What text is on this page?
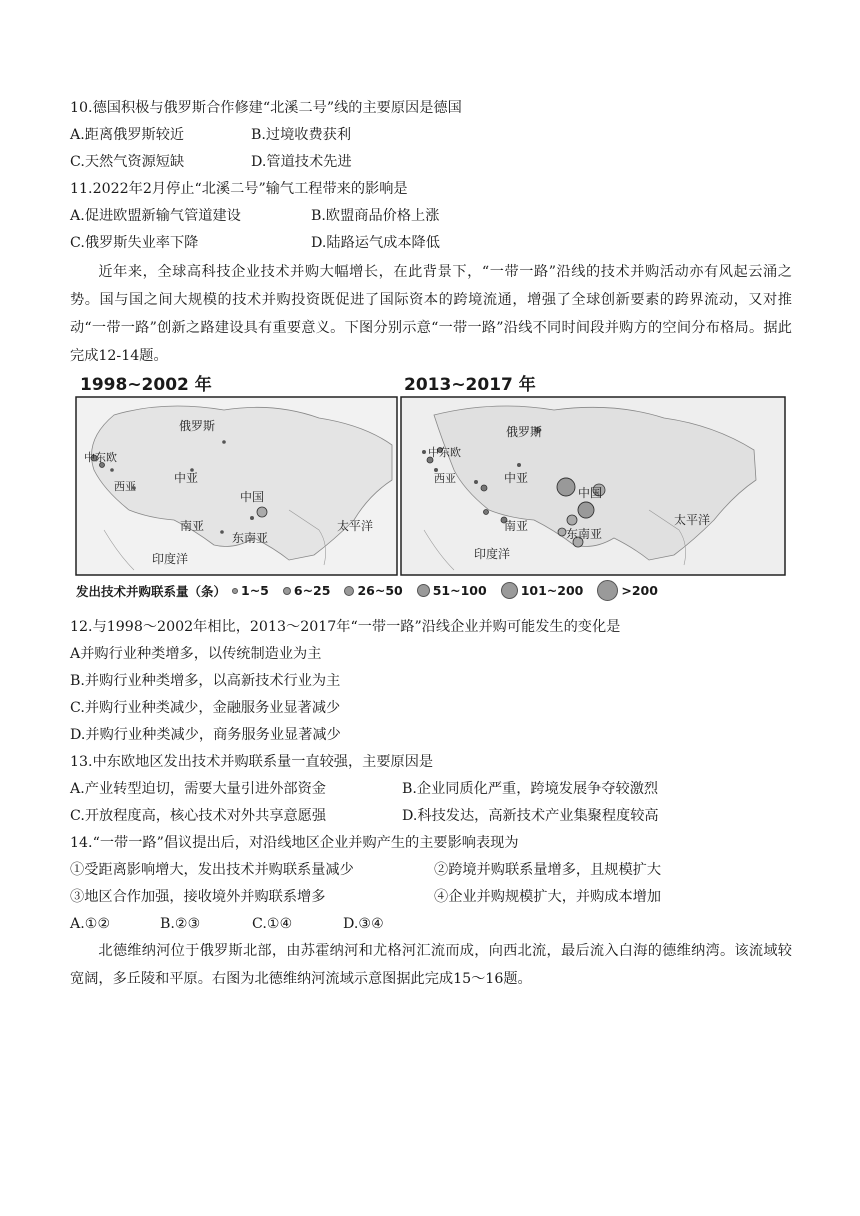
10.德国积极与俄罗斯合作修建“北溪二号”线的主要原因是德国
A.距离俄罗斯较近	B.过境收费获利
C.天然气资源短缺	D.管道技术先进
11.2022年2月停止“北溪二号”输气工程带来的影响是
A.促进欧盟新输气管道建设	B.欧盟商品价格上涨
C.俄罗斯失业率下降	D.陆路运气成本降低
近年来，全球高科技企业技术并购大幅增长，在此背景下，“一带一路”沿线的技术并购活动亦有风起云涌之势。国与国之间大规模的技术并购投资既促进了国际资本的跨境流通，增强了全球创新要素的跨界流动，又对推动“一带一路”创新之路建设具有重要意义。下图分别示意“一带一路”沿线不同时间段并购方的空间分布格局。据此完成12-14题。
1998~2002 年	2013~2017 年
俄罗斯
中东欧
中亚
西亚
中国
南亚
东南亚
太平洋
印度洋
俄罗斯
中东欧
中亚
西亚
中国
南亚
东南亚
太平洋
印度洋
发出技术并购联系量（条） 1~5 6~25 26~50 51~100	101~200	>200
12.与1998～2002年相比，2013～2017年“一带一路”沿线企业并购可能发生的变化是
A并购行业种类增多，以传统制造业为主
B.并购行业种类增多，以高新技术行业为主
C.并购行业种类减少，金融服务业显著减少
D.并购行业种类减少，商务服务业显著减少
13.中东欧地区发出技术并购联系量一直较强，主要原因是
A.产业转型迫切，需要大量引进外部资金	B.企业同质化严重，跨境发展争夺较激烈
C.开放程度高，核心技术对外共享意愿强	D.科技发达，高新技术产业集聚程度较高
14.“一带一路”倡议提出后，对沿线地区企业并购产生的主要影响表现为
①受距离影响增大，发出技术并购联系量减少	②跨境并购联系量增多，且规模扩大
③地区合作加强，接收境外并购联系增多	④企业并购规模扩大，并购成本增加
A.①②	B.②③	C.①④	D.③④
北德维纳河位于俄罗斯北部，由苏霍纳河和尤格河汇流而成，向西北流，最后流入白海的德维纳湾。该流域较宽阔，多丘陵和平原。右图为北德维纳河流域示意图据此完成15～16题。
